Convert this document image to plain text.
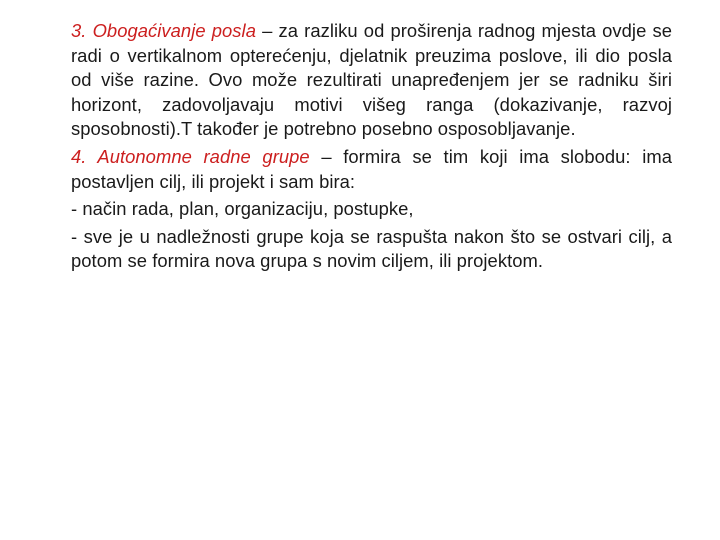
3. Obogaćivanje posla – za razliku od proširenja radnog mjesta ovdje se radi o vertikalnom opterećenju, djelatnik preuzima poslove, ili dio posla od više razine. Ovo može rezultirati unapređenjem jer se radniku širi horizont, zadovoljavaju motivi višeg ranga (dokazivanje, razvoj sposobnosti).T također je potrebno posebno osposobljavanje.

4. Autonomne radne grupe – formira se tim koji ima slobodu: ima postavljen cilj, ili projekt i sam bira:

- način rada, plan, organizaciju, postupke,

- sve je u nadležnosti grupe koja se raspušta nakon što se ostvari cilj, a potom se formira nova grupa s novim ciljem, ili projektom.
